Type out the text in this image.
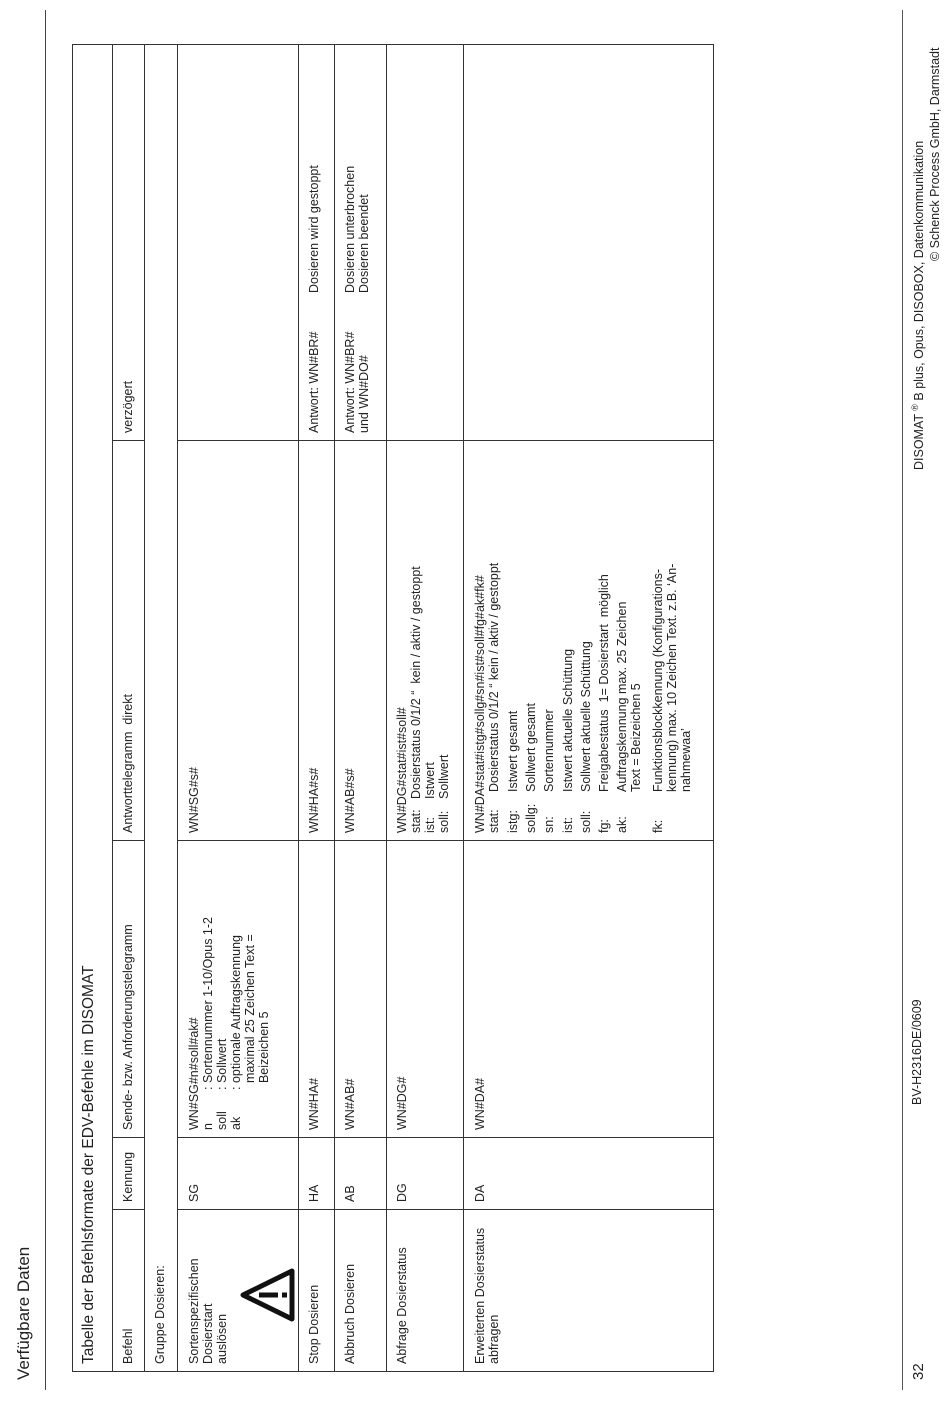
Verfügbare Daten	Tabelle der Befehlsformate der EDV-Befehle im DISOMAT Befehl
Kennung
Sende- bzw. Anforderungstelegramm
Antworttelegramm  direkt
verzögert
Gruppe Dosieren: Sortenspezifischen
Dosierstart
auslösen
SG
WN#SG#n#soll#ak# n
: Sortennummer 1-10/Opus 1-2
soll
: Sollwert
ak
: optionale Auftragskennung
maximal 25 Zeichen Text =
Beizeichen 5
WN#SG#s#
Stop Dosieren
HA
WN#HA#
WN#HA#s#
Antwort: WN#BR#
Dosieren wird gestoppt
Abbruch Dosieren
AB
WN#AB#
WN#AB#s#
Antwort: WN#BR#
und WN#DO#
Dosieren unterbrochen
Dosieren beendet
Abfrage Dosierstatus
DG
WN#DG#
WN#DG#stat#ist#soll# stat:
Dosierstatus 0/1/2 “  kein / aktiv / gestoppt
ist:
Istwert
soll:
Sollwert
Erweiterten Dosierstatus
abfragen
DA
WN#DA#
WN#DA#stat#istg#sollg#sn#ist#soll#fg#ak#fk# stat:
Dosierstatus 0/1/2 “ kein / aktiv / gestoppt
istg:
Istwert gesamt
sollg:
Sollwert gesamt
sn:
Sortennummer
ist:
Istwert aktuelle Schüttung
soll:
Sollwert aktuelle Schüttung
fg:
Freigabestatus  1= Dosierstart  möglich
ak:
Auftragskennung max. 25 Zeichen
Text = Beizeichen 5
fk:
Funktionsblockkennung (Konfigurations-
kennung) max. 10 Zeichen Text. z.B. ‘An-
nahmewaa’
32
BV-H2316DE/0609
DISOMAT ® B plus, Opus, DISOBOX, Datenkommunikation © Schenck Process GmbH, Darmstadt
